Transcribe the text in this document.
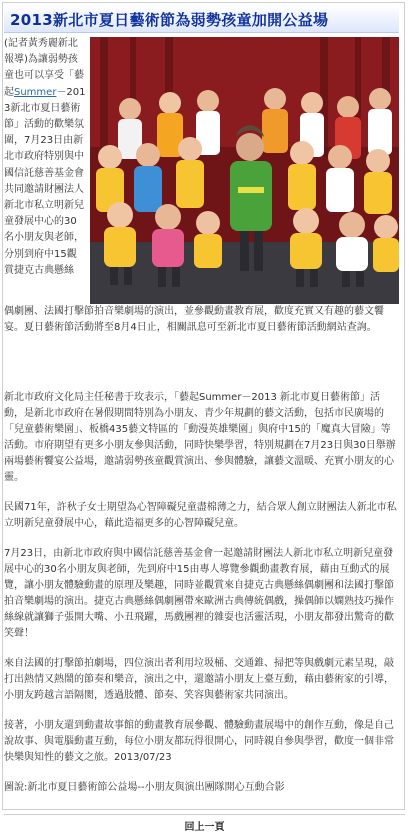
2013新北市夏日藝術節為弱勢孩童加開公益場
(記者黃秀麗新北報導)為讓弱勢孩童也可以享受「藝起Summer－2013新北市夏日藝術節」活動的歡樂氛圍，7月23日由新北市政府特別與中國信託慈善基金會共同邀請財團法人新北市私立明新兒童發展中心的30名小朋友與老師，分別到府中15觀賞捷克古典懸絲
偶劇團、法國打擊節拍音樂劇場的演出，並參觀動畫教育展，歡度充實又有趣的藝文饗宴。夏日藝術節活動將至8月4日止，相關訊息可至新北市夏日藝術節活動網站查詢。

新北市政府文化局主任秘書于玫表示，「藝起Summer－2013 新北市夏日藝術節」活動，是新北市政府在暑假期間特別為小朋友、青少年規劃的藝文活動，包括市民廣場的「兒童藝術樂園」、板橋435藝文特區的「動漫英雄樂園」與府中15的「魔真大冒險」等活動。市府期望有更多小朋友參與活動，同時快樂學習，特別規劃在7月23日與30日舉辦兩場藝術饗宴公益場，邀請弱勢孩童觀賞演出、參與體驗，讓藝文溫暖、充實小朋友的心靈。

民國71年，許秋子女士期望為心智障礙兒童盡棉薄之力，結合眾人創立財團法人新北市私立明新兒童發展中心，藉此造福更多的心智障礙兒童。

7月23日，由新北市政府與中國信託慈善基金會一起邀請財團法人新北市私立明新兒童發展中心的30名小朋友與老師，先到府中15由專人導覽參觀動畫教育展，藉由互動式的展覽，讓小朋友體驗動畫的原理及樂趣，同時並觀賞來自捷克古典懸絲偶劇團和法國打擊節拍音樂劇場的演出。捷克古典懸絲偶劇團帶來歐洲古典傳統偶戲，操偶師以嫻熟技巧操作絲線就讓獅子張開大嘴、小丑飛躍，馬戲團裡的雜耍也活靈活現，小朋友都發出驚奇的歡笑聲！

來自法國的打擊節拍劇場，四位演出者利用垃圾桶、交通錐、掃把等與戲劇元素呈現，敲打出熱情又熱鬧的節奏和樂音，演出之中，還邀請小朋友上臺互動，藉由藝術家的引導，小朋友跨越言語隔閡，透過肢體、節奏、笑容與藝術家共同演出。

接著，小朋友還到動畫故事館的動畫教育展參觀、體驗動畫展場中的創作互動，像是自己說故事、與電腦動畫互動，每位小朋友都玩得很開心，同時親自參與學習，歡度一個非常快樂與知性的藝文之旅。2013/07/23

圖說:新北市夏日藝術節公益場--小朋友與演出團隊開心互動合影

回上一頁
